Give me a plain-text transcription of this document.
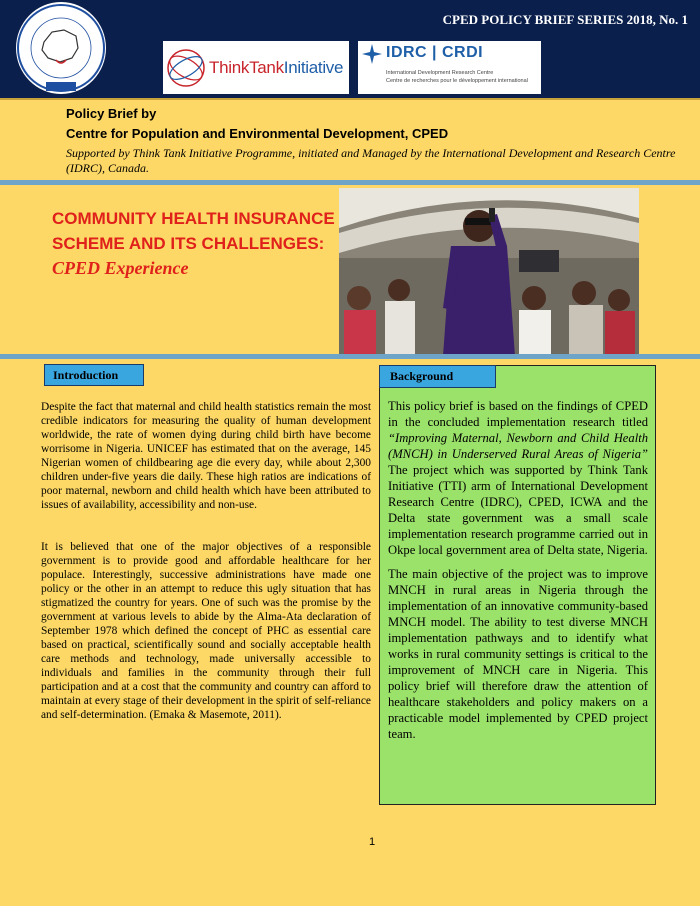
CPED POLICY BRIEF SERIES 2018, No. 1
ThinkTankInitiative
IDRC | CRDI
International Development Research Centre
Centre de recherches pour le développement international
Policy Brief by
Centre for Population and Environmental Development, CPED
Supported by Think Tank Initiative Programme, initiated and Managed by the International Development and Research Centre (IDRC), Canada.
COMMUNITY HEALTH INSURANCE SCHEME AND ITS CHALLENGES: CPED Experience
Introduction

Despite the fact that maternal and child health statistics remain the most credible indicators for measuring the quality of human development worldwide, the rate of women dying during child birth have become worrisome in Nigeria. UNICEF has estimated that on the average, 145 Nigerian women of childbearing age die every day, while about 2,300 children under-five years die daily. These high ratios are indications of poor maternal, newborn and child health which have been attributed to issues of availability, accessibility and non-use.

It is believed that one of the major objectives of a responsible government is to provide good and affordable healthcare for her populace. Interestingly, successive administrations have made one policy or the other in an attempt to reduce this ugly situation that has stigmatized the country for years. One of such was the promise by the government at various levels to abide by the Alma-Ata declaration of September 1978 which defined the concept of PHC as essential care based on practical, scientifically sound and socially acceptable health care methods and technology, made universally accessible to individuals and families in the community through their full participation and at a cost that the community and country can afford to maintain at every stage of their development in the spirit of self-reliance and self-determination. (Emaka & Masemote, 2011).

Background

This policy brief is based on the findings of CPED in the concluded implementation research titled “Improving Maternal, Newborn and Child Health (MNCH) in Underserved Rural Areas of Nigeria” The project which was supported by Think Tank Initiative (TTI) arm of International Development Research Centre (IDRC), CPED, ICWA and the Delta state government was a small scale implementation research programme carried out in Okpe local government area of Delta state, Nigeria.

The main objective of the project was to improve MNCH in rural areas in Nigeria through the implementation of an innovative community-based MNCH model. The ability to test diverse MNCH implementation pathways and to identify what works in rural community settings is critical to the improvement of MNCH care in Nigeria. This policy brief will therefore draw the attention of healthcare stakeholders and policy makers on a practicable model implemented by CPED project team.

1
